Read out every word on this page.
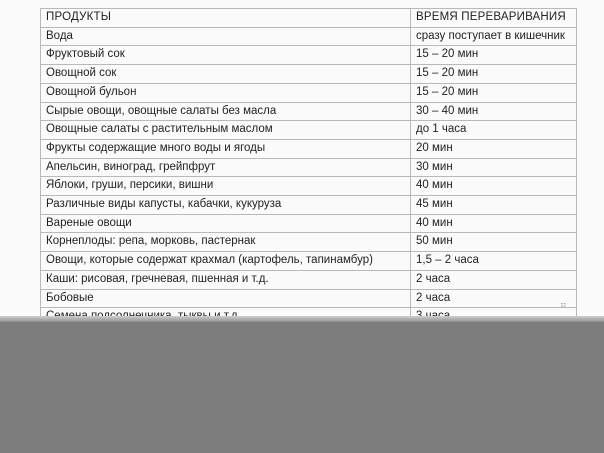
ПРОДУКТЫ	ВРЕМЯ ПЕРЕВАРИВАНИЯ
Вода	сразу поступает в кишечник
Фруктовый сок	15 – 20 мин
Овощной сок	15 – 20 мин
Овощной бульон	15 – 20 мин
Сырые овощи, овощные салаты без масла	30 – 40 мин
Овощные салаты с растительным маслом	до 1 часа
Фрукты содержащие много воды и ягоды	20 мин
Апельсин, виноград, грейпфрут	30 мин
Яблоки, груши, персики, вишни	40 мин
Различные виды капусты, кабачки, кукуруза	45 мин
Вареные овощи	40 мин
Корнеплоды: репа, морковь, пастернак	50 мин
Овощи, которые содержат крахмал (картофель, тапинамбур)	1,5 – 2 часа
Каши: рисовая, гречневая, пшенная и т.д.	2 часа
Бобовые	2 часа

⠛
